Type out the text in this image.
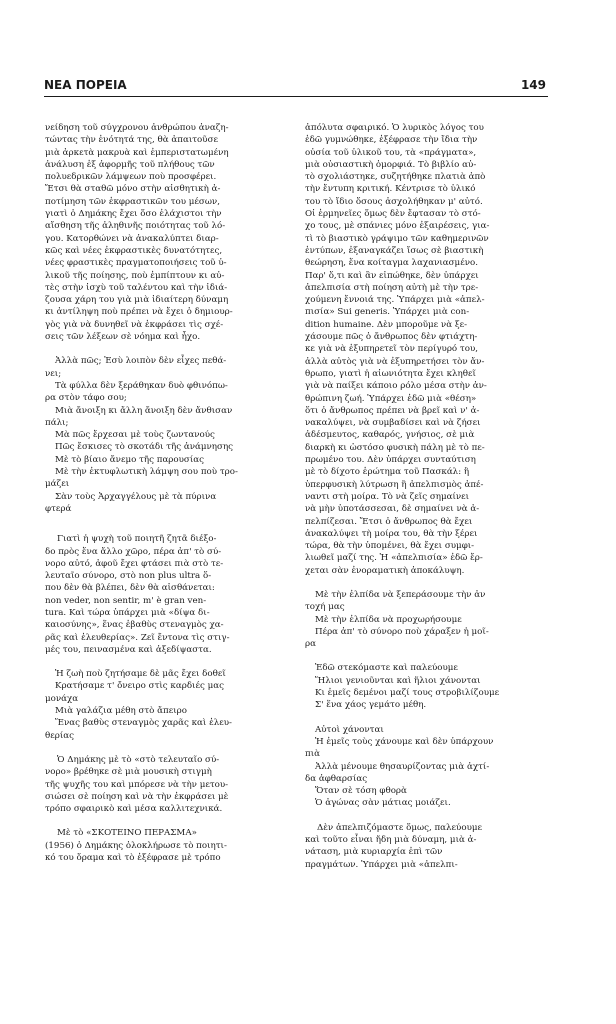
ΝΕΑ ΠΟΡΕΙΑ	149

νείδηση τοῦ σύγχρονου ἀνθρώπου ἀναζη-

τώντας τὴν ἑνότητά της, θὰ ἀπαιτοῦσε

μιὰ ἀρκετὰ μακρυὰ καὶ ἐμπεριστατωμένη

ἀνάλυση ἐξ ἀφορμῆς τοῦ πλήθους τῶν

πολυεδρικῶν λάμψεων ποὺ προσφέρει.

Ἔτσι θὰ σταθῶ μόνο στὴν αἰσθητικὴ ἀ-

ποτίμηση τῶν ἐκφραστικῶν του μέσων,

γιατὶ ὁ Δημάκης ἔχει ὅσο ἐλάχιστοι τὴν

αἴσθηση τῆς ἀληθινῆς ποιότητας τοῦ λό-

γου. Κατορθώνει νὰ ἀνακαλύπτει διαρ-

κῶς καὶ νέες ἐκφραστικὲς δυνατότητες,

νέες φραστικὲς πραγματοποιήσεις τοῦ ὑ-

λικοῦ τῆς ποίησης, ποὺ ἐμπίπτουν κι αὐ-

τὲς στὴν ἰσχὺ τοῦ ταλέντου καὶ τὴν ἰδιά-

ζουσα χάρη του γιὰ μιὰ ἰδιαίτερη δύναμη

κι ἀντίληψη ποὺ πρέπει νὰ ἔχει ὁ δημιουρ-

γὸς γιὰ νὰ δυνηθεῖ νὰ ἐκφράσει τὶς σχέ-

σεις τῶν λέξεων σὲ νόημα καὶ ἦχο.

Ἀλλὰ πῶς; Ἐσὺ λοιπὸν δὲν εἶχες πεθά-

νει;

Τὰ φύλλα δὲν ξεράθηκαν δυὸ φθινόπω-

ρα στὸν τάφο σου;

Μιὰ ἄνοιξη κι ἄλλη ἄνοιξη δὲν ἄνθισαν

πάλι;

Μὰ πῶς ἔρχεσαι μὲ τοὺς ζωντανούς

Πῶς ἔσκισες τὸ σκοτάδι τῆς ἀνάμνησης

Μὲ τὸ βίαιο ἄνεμο τῆς παρουσίας

Μὲ τὴν ἐκτυφλωτικὴ λάμψη σου ποὺ τρο-

μάζει

Σὰν τοὺς Ἀρχαγγέλους μὲ τὰ πύρινα

φτερά

Γιατὶ ἡ ψυχὴ τοῦ ποιητῆ ζητᾶ διέξο-

δο πρὸς ἕνα ἄλλο χῶρο, πέρα ἀπ' τὸ σύ-

νορο αὐτό, ἀφοῦ ἔχει φτάσει πιὰ στὸ τε-

λευταῖο σύνορο, στὸ non plus ultra ὅ-

που δὲν θὰ βλέπει, δὲν θὰ αἰσθάνεται:

non veder, non sentir, m' è gran ven-

tura. Καὶ τώρα ὑπάρχει μιὰ «δίψα δι-

καιοσύνης», ἕνας ἐβαθὺς στεναγμὸς χα-

ρᾶς καὶ ἐλευθερίας». Ζεῖ ἔντονα τὶς στιγ-

μές του, πεινασμένα καὶ ἀξεδίψαστα.

Ἡ ζωὴ ποὺ ζητήσαμε δὲ μᾶς ἔχει δοθεῖ

Κρατήσαμε τ' ὄνειρο στὶς καρδιές μας

μονάχα

Μιὰ γαλάζια μέθη στὸ ἄπειρο

Ἕνας βαθὺς στεναγμὸς χαρᾶς καὶ ἐλευ-

θερίας

Ὁ Δημάκης μὲ τὸ «στὸ τελευταῖο σύ-

νορο» βρέθηκε σὲ μιὰ μουσικὴ στιγμὴ

τῆς ψυχῆς του καὶ μπόρεσε νὰ τὴν μετου-

σιώσει σὲ ποίηση καὶ νὰ τὴν ἐκφράσει μὲ

τρόπο σφαιρικὸ καὶ μέσα καλλιτεχνικά.

Μὲ τὸ «ΣΚΟΤΕΙΝΟ ΠΕΡΑΣΜΑ»

(1956) ὁ Δημάκης ὁλοκλήρωσε τὸ ποιητι-

κό του ὅραμα καὶ τὸ ἐξέφρασε μὲ τρόπο

ἀπόλυτα σφαιρικό. Ὁ λυρικὸς λόγος του

ἐδῶ γυμνώθηκε, ἐξέφρασε τὴν ἴδια τὴν

οὐσία τοῦ ὑλικοῦ του, τὰ «πράγματα»,

μιὰ οὐσιαστικὴ ὁμορφιά. Τὸ βιβλίο αὐ-

τὸ σχολιάστηκε, συζητήθηκε πλατιὰ ἀπὸ

τὴν ἔντυπη κριτική. Κέντρισε τὸ ὑλικό

του τὸ ἴδιο ὅσους ἀσχολήθηκαν μ' αὐτό.

Οἱ ἑρμηνεῖες ὅμως δὲν ἔφτασαν τὸ στό-

χο τους, μὲ σπάνιες μόνο ἐξαιρέσεις, για-

τὶ τὸ βιαστικὸ γράψιμο τῶν καθημερινῶν

ἐντύπων, ἐξαναγκάζει ἴσως σὲ βιαστικὴ

θεώρηση, ἕνα κοίταγμα λαχανιασμένο.

Παρ' ὅ,τι καὶ ἂν εἰπώθηκε, δὲν ὑπάρχει

ἀπελπισία στὴ ποίηση αὐτὴ μὲ τὴν τρε-

χούμενη ἔννοιά της. Ὑπάρχει μιὰ «ἀπελ-

πισία» Sui generis. Ὑπάρχει μιὰ con-

dition humaine. Δὲν μποροῦμε νὰ ξε-

χάσουμε πῶς ὁ ἄνθρωπος δὲν φτιάχτη-

κε γιὰ νὰ ἐξυπηρετεῖ τὸν περίγυρό του,

ἀλλὰ αὐτὸς γιὰ νὰ ἐξυπηρετήσει τὸν ἄν-

θρωπο, γιατὶ ἡ αἰωνιότητα ἔχει κληθεῖ

γιὰ νὰ παίξει κάποιο ρόλο μέσα στὴν ἀν-

θρώπινη ζωή. Ὑπάρχει ἐδῶ μιὰ «θέση»

ὅτι ὁ ἄνθρωπος πρέπει νὰ βρεῖ καὶ ν' ἀ-

νακαλύψει, νὰ συμβαδίσει καὶ νὰ ζήσει

ἀδέσμευτος, καθαρός, γνήσιος, σὲ μιὰ

διαρκὴ κι ὡστόσο φυσικὴ πάλη μὲ τὸ πε-

πρωμένο του. Δὲν ὑπάρχει συνταύτιση

μὲ τὸ δίχοτο ἐρώτημα τοῦ Πασκάλ: ἢ

ὑπερφυσικὴ λύτρωση ἢ ἀπελπισμὸς ἀπέ-

ναντι στὴ μοίρα. Τὸ νὰ ζεῖς σημαίνει

νὰ μὴν ὑποτάσσεσαι, δὲ σημαίνει νὰ ἀ-

πελπίζεσαι. Ἔτσι ὁ ἄνθρωπος θὰ ἔχει

ἀνακαλύψει τὴ μοίρα του, θὰ τὴν ξέρει

τώρα, θὰ τὴν ὑπομένει, θὰ ἔχει συμφι-

λιωθεῖ μαζί της. Ἡ «ἀπελπισία» ἐδῶ ἔρ-

χεται σὰν ἐνοραματικὴ ἀποκάλυψη.

Μὲ τὴν ἐλπίδα νὰ ξεπεράσουμε τὴν ἀν

τοχή μας

Μὲ τὴν ἐλπίδα νὰ προχωρήσουμε

Πέρα ἀπ' τὸ σύνορο ποὺ χάραξεν ἡ μοῖ-

ρα

Ἐδῶ στεκόμαστε καὶ παλεύουμε

Ἥλιοι γενιοῦνται καὶ ἥλιοι χάνονται

Κι ἐμεῖς δεμένοι μαζί τους στροβιλίζουμε

Σ' ἕνα χάος γεμάτο μέθη.

Αὐτοὶ χάνονται

Ἡ ἐμεῖς τοὺς χάνουμε καὶ δὲν ὑπάρχουν

πιὰ

Ἀλλὰ μένουμε θησαυρίζοντας μιὰ ἀχτί-

δα ἀφθαρσίας

Ὅταν σὲ τόση φθορὰ

Ὁ ἀγώνας σὰν μάτιας μοιάζει.

Δὲν ἀπελπιζόμαστε ὅμως, παλεύουμε

καὶ τοῦτο εἶναι ἤδη μιὰ δύναμη, μιὰ ἀ-

νάταση, μιὰ κυριαρχία ἐπὶ τῶν

πραγμάτων. Ὑπάρχει μιὰ «ἀπελπι-
